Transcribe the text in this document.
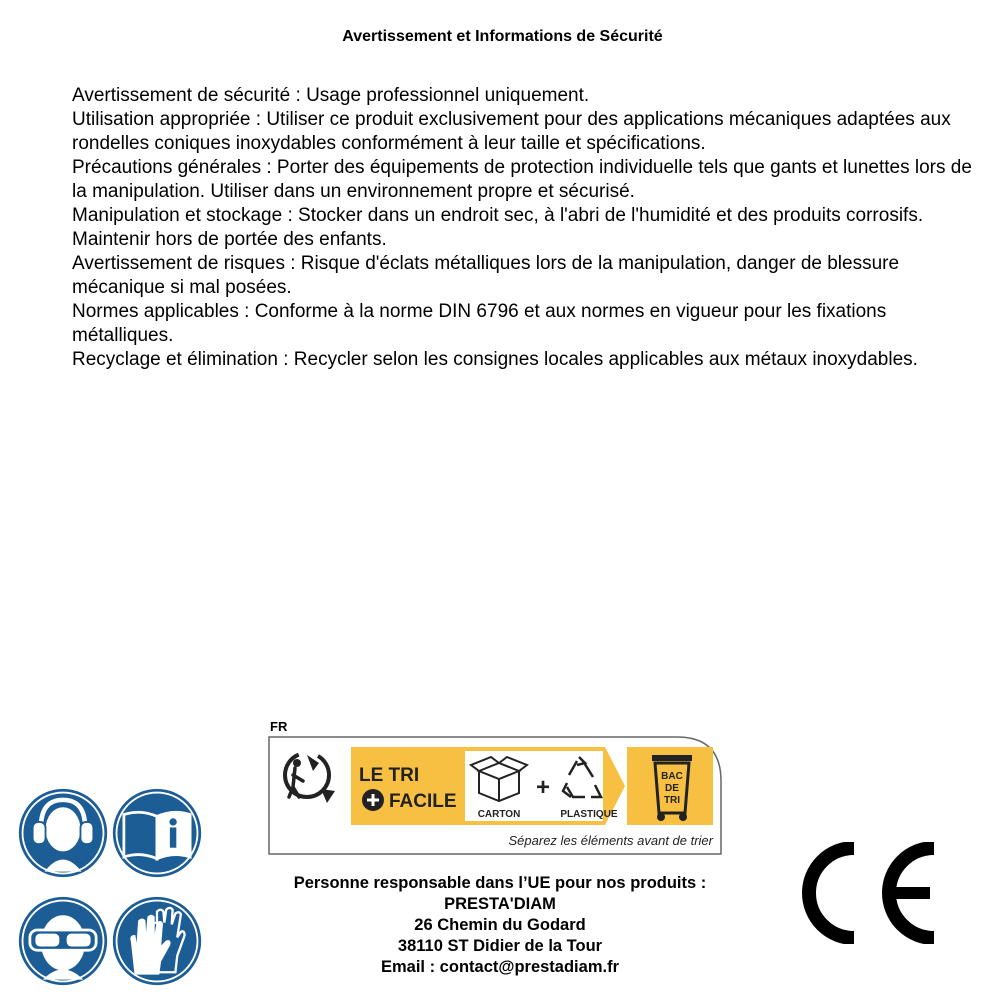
Avertissement et Informations de Sécurité

Avertissement de sécurité : Usage professionnel uniquement.

Utilisation appropriée : Utiliser ce produit exclusivement pour des applications mécaniques adaptées aux rondelles coniques inoxydables conformément à leur taille et spécifications.

Précautions générales : Porter des équipements de protection individuelle tels que gants et lunettes lors de la manipulation. Utiliser dans un environnement propre et sécurisé.

Manipulation et stockage : Stocker dans un endroit sec, à l'abri de l'humidité et des produits corrosifs. Maintenir hors de portée des enfants.

Avertissement de risques : Risque d'éclats métalliques lors de la manipulation, danger de blessure mécanique si mal posées.

Normes applicables : Conforme à la norme DIN 6796 et aux normes en vigueur pour les fixations métalliques.

Recyclage et élimination : Recycler selon les consignes locales applicables aux métaux inoxydables.

FR
LE TRI
FACILE
CARTON
+
PLASTIQUE
BAC
DE
TRI
Séparez les éléments avant de trier
Personne responsable dans l’UE pour nos produits :
PRESTA'DIAM
26 Chemin du Godard
38110 ST Didier de la Tour
Email : contact@prestadiam.fr
